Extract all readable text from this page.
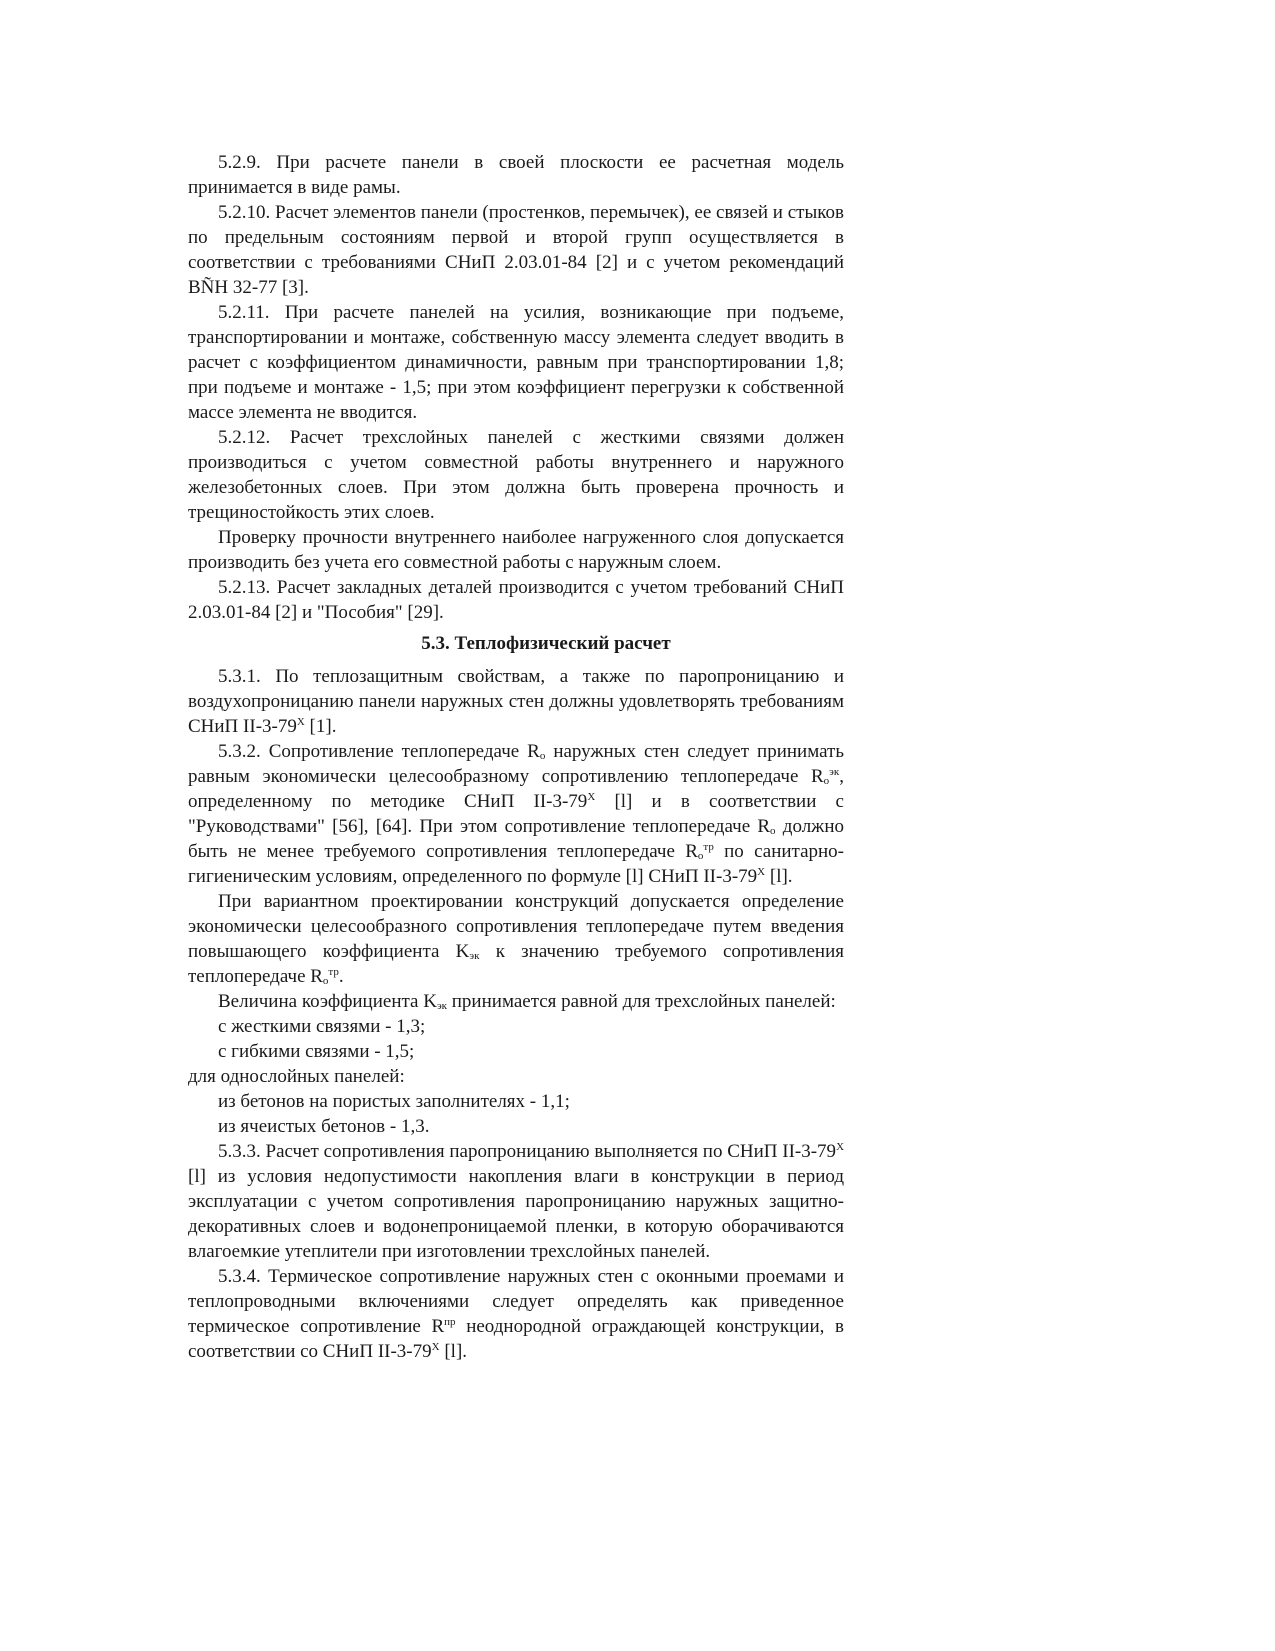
5.2.9. При расчете панели в своей плоскости ее расчетная модель принимается в виде рамы.

5.2.10. Расчет элементов панели (простенков, перемычек), ее связей и стыков по предельным состояниям первой и второй групп осуществляется в соответствии с требованиями СНиП 2.03.01-84 [2] и с учетом рекомендаций ВÑН 32-77 [3].

5.2.11. При расчете панелей на усилия, возникающие при подъеме, транспортировании и монтаже, собственную массу элемента следует вводить в расчет с коэффициентом динамичности, равным при транспортировании 1,8; при подъеме и монтаже - 1,5; при этом коэффициент перегрузки к собственной массе элемента не вводится.

5.2.12. Расчет трехслойных панелей с жесткими связями должен производиться с учетом совместной работы внутреннего и наружного железобетонных слоев. При этом должна быть проверена прочность и трещиностойкость этих слоев.

Проверку прочности внутреннего наиболее нагруженного слоя допускается производить без учета его совместной работы с наружным слоем.

5.2.13. Расчет закладных деталей производится с учетом требований СНиП 2.03.01-84 [2] и "Пособия" [29].

5.3. Теплофизический расчет

5.3.1. По теплозащитным свойствам, а также по паропроницанию и воздухопроницанию панели наружных стен должны удовлетворять требованиям СНиП $II-3-79^Х$ [1].

5.3.2. Сопротивление теплопередаче $R_o$ наружных стен следует принимать равным экономически целесообразному сопротивлению теплопередаче $R_o^{эк}$, определенному по методике СНиП $II-3-79^Х$ [l] и в соответствии с "Руководствами" [56], [64]. При этом сопротивление теплопередаче $R_o$ должно быть не менее требуемого сопротивления теплопередаче $R_o^{тр}$ по санитарно-гигиеническим условиям, определенного по формуле [l] СНиП $II-3-79^Х$ [l].

При вариантном проектировании конструкций допускается определение экономически целесообразного сопротивления теплопередаче путем введения повышающего коэффициента $K_{эк}$ к значению требуемого сопротивления теплопередаче $R_o^{тр}$.

Величина коэффициента $K_{эк}$ принимается равной для трехслойных панелей:

с жесткими связями - 1,3;

с гибкими связями - 1,5;

для однослойных панелей:

из бетонов на пористых заполнителях - 1,1;

из ячеистых бетонов - 1,3.

5.3.3. Расчет сопротивления паропроницанию выполняется по СНиП $II-3-79^Х$ [l] из условия недопустимости накопления влаги в конструкции в период эксплуатации с учетом сопротивления паропроницанию наружных защитно-декоративных слоев и водонепроницаемой пленки, в которую оборачиваются влагоемкие утеплители при изготовлении трехслойных панелей.

5.3.4. Термическое сопротивление наружных стен с оконными проемами и теплопроводными включениями следует определять как приведенное термическое сопротивление $R^{пр}$ неоднородной ограждающей конструкции, в соответствии со СНиП $II-3-79^Х$ [l].
